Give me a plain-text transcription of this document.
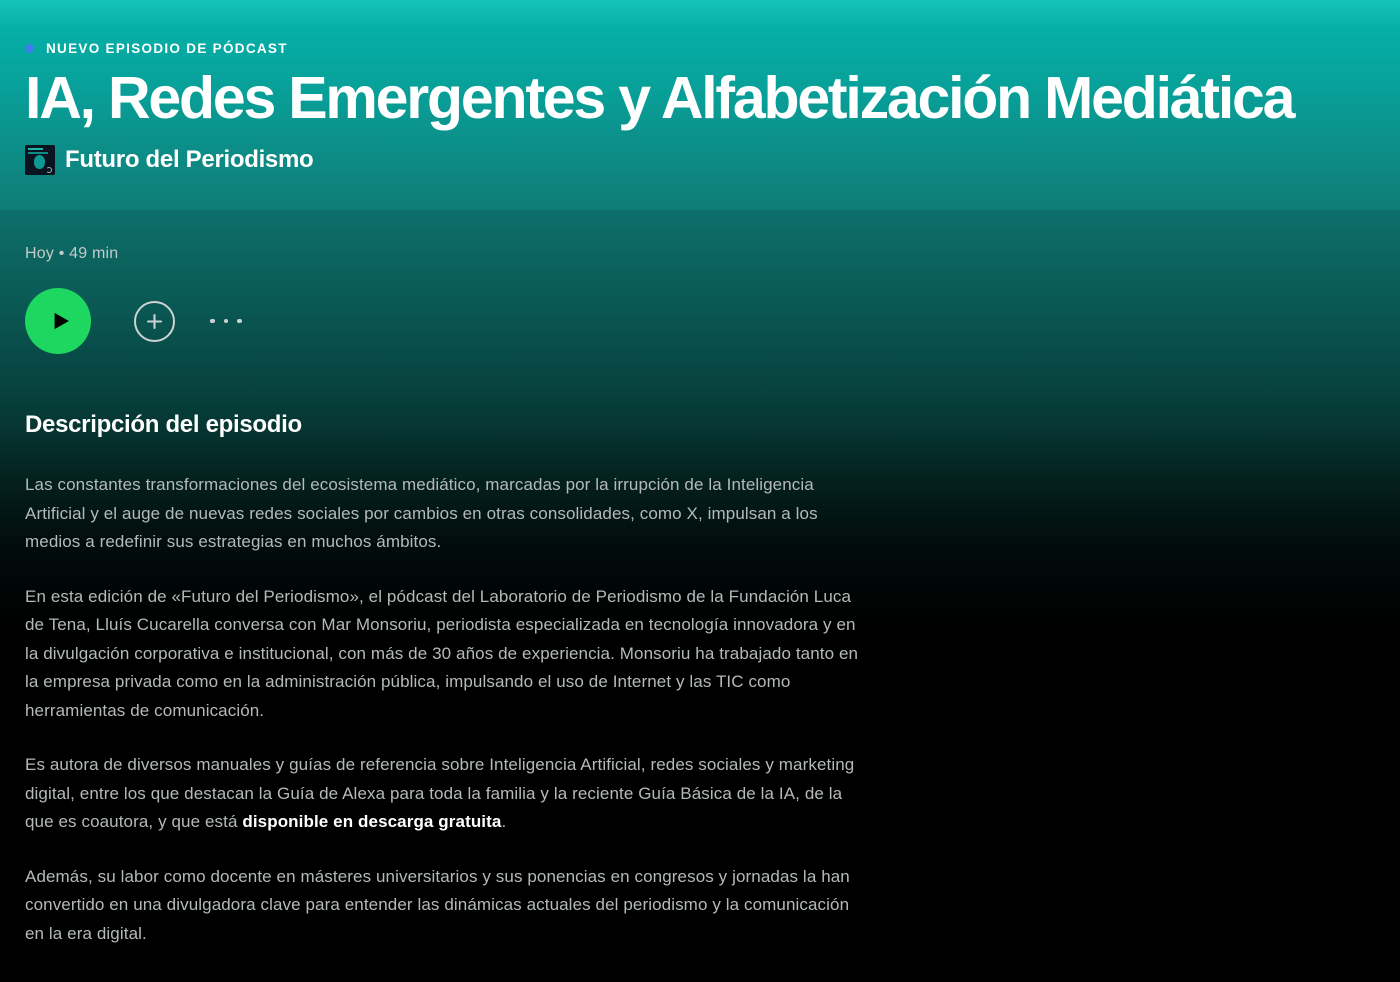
NUEVO EPISODIO DE PÓDCAST
IA, Redes Emergentes y Alfabetización Mediática
Futuro del Periodismo
Hoy • 49 min
Descripción del episodio

Las constantes transformaciones del ecosistema mediático, marcadas por la irrupción de la Inteligencia Artificial y el auge de nuevas redes sociales por cambios en otras consolidades, como X, impulsan a los medios a redefinir sus estrategias en muchos ámbitos.

En esta edición de «Futuro del Periodismo», el pódcast del Laboratorio de Periodismo de la Fundación Luca de Tena, Lluís Cucarella conversa con Mar Monsoriu, periodista especializada en tecnología innovadora y en la divulgación corporativa e institucional, con más de 30 años de experiencia. Monsoriu ha trabajado tanto en la empresa privada como en la administración pública, impulsando el uso de Internet y las TIC como herramientas de comunicación.

Es autora de diversos manuales y guías de referencia sobre Inteligencia Artificial, redes sociales y marketing digital, entre los que destacan la Guía de Alexa para toda la familia y la reciente Guía Básica de la IA, de la que es coautora, y que está disponible en descarga gratuita.

Además, su labor como docente en másteres universitarios y sus ponencias en congresos y jornadas la han convertido en una divulgadora clave para entender las dinámicas actuales del periodismo y la comunicación en la era digital.
